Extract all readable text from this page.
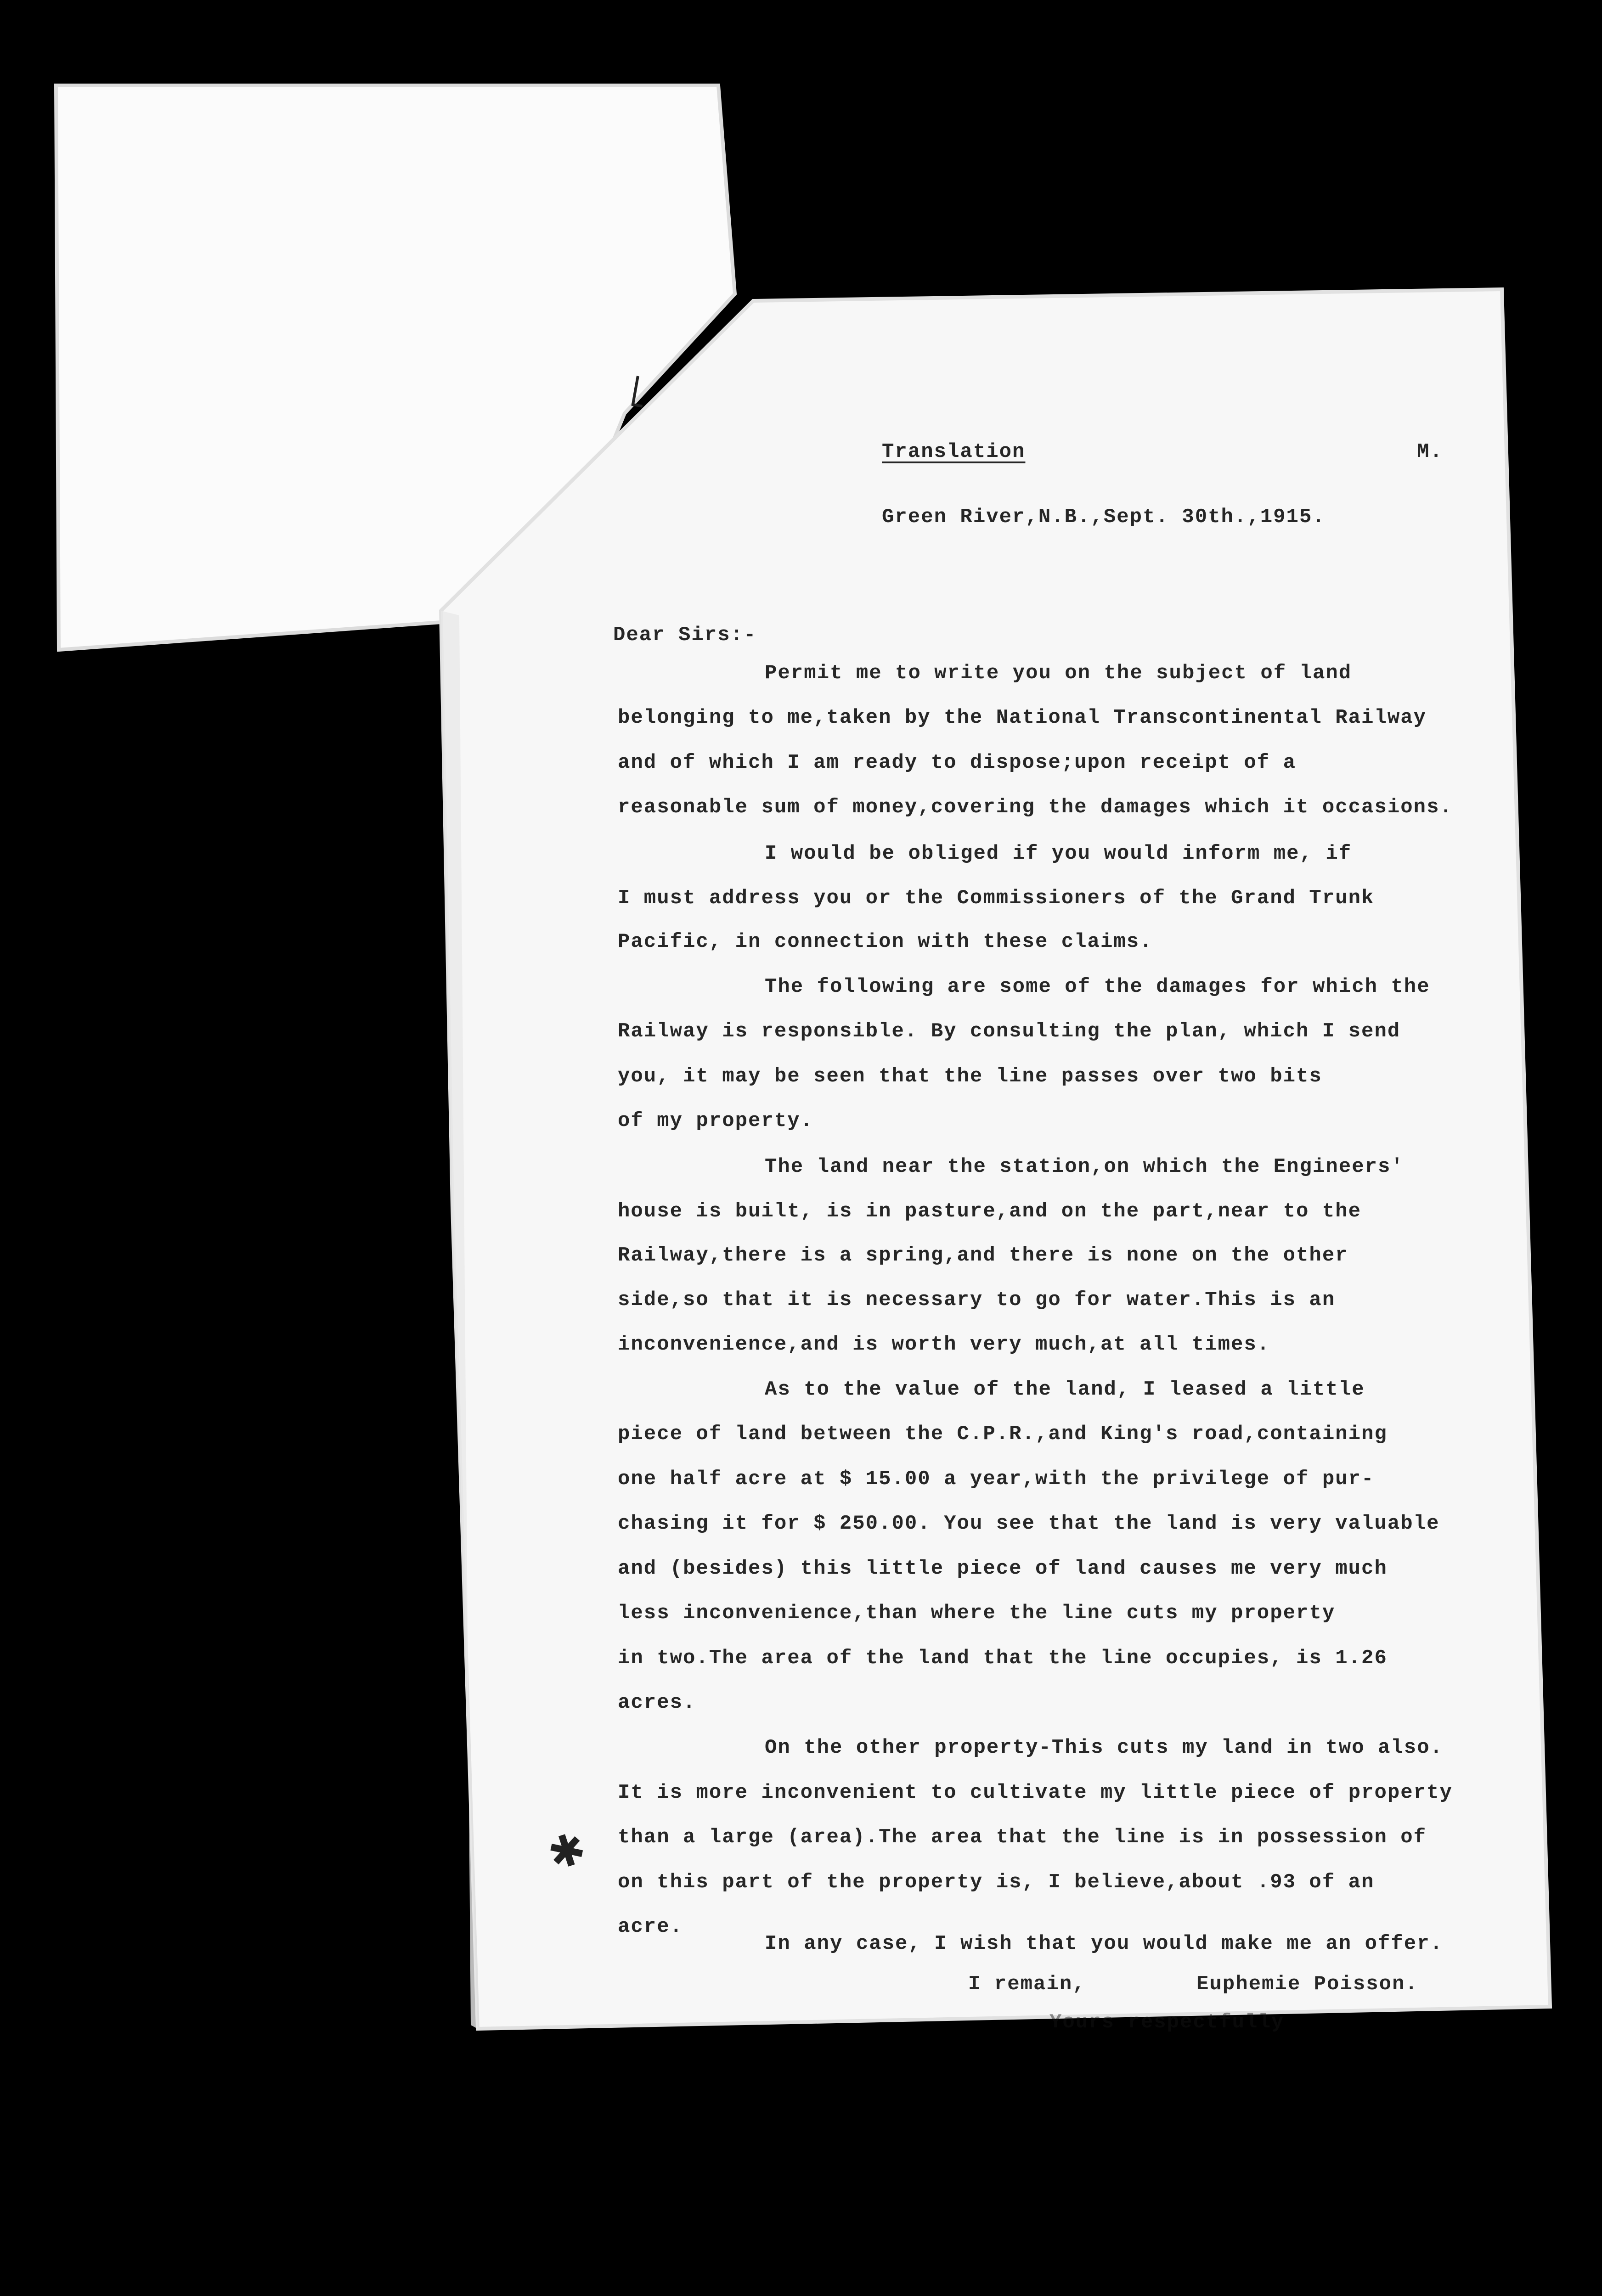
Translation	M.
Green River,N.B.,Sept. 30th.,1915.
Dear Sirs:-
Permit me to write you on the subject of land
belonging to me,taken by the National Transcontinental Railway
and of which I am ready to dispose;upon receipt of a
reasonable sum of money,covering the damages which it occasions.
I would be obliged if you would inform me, if
I must address you or the Commissioners of the Grand Trunk
Pacific, in connection with these claims.
The following are some of the damages for which the
Railway is responsible. By consulting the plan, which I send
you, it may be seen that the line passes over two bits
of my property.
The land near the station,on which the Engineers'
house is built, is in pasture,and on the part,near to the
Railway,there is a spring,and there is none on the other
side,so that it is necessary to go for water.This is an
inconvenience,and is worth very much,at all times.
As to the value of the land, I leased a little
piece of land between the C.P.R.,and King's road,containing
one half acre at $ 15.00 a year,with the privilege of pur-
chasing it for $ 250.00. You see that the land is very valuable
and (besides) this little piece of land causes me very much
less inconvenience,than where the line cuts my property
in two.The area of the land that the line occupies, is 1.26
acres.
On the other property-This cuts my land in two also.
It is more inconvenient to cultivate my little piece of property
than a large (area).The area that the line is in possession of
on this part of the property is, I believe,about .93 of an
acre.
In any case, I wish that you would make me an offer.
I remain,	Euphemie Poisson.
Yours respectfully
✱
